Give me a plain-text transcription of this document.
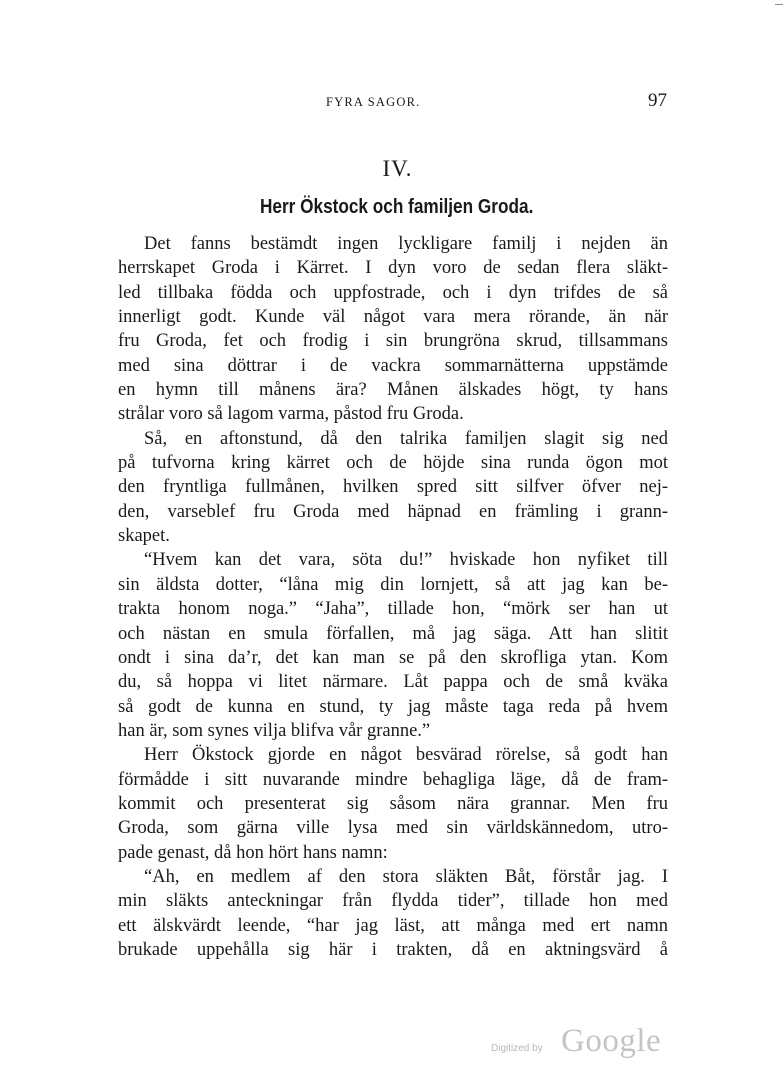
FYRA SAGOR.	97
IV.
Herr Ökstock och familjen Groda.
Det fanns bestämdt ingen lyckligare familj i nejden än
herrskapet Groda i Kärret. I dyn voro de sedan flera släkt-
led tillbaka födda och uppfostrade, och i dyn trifdes de så
innerligt godt. Kunde väl något vara mera rörande, än när
fru Groda, fet och frodig i sin brungröna skrud, tillsammans
med sina döttrar i de vackra sommarnätterna uppstämde
en hymn till månens ära? Månen älskades högt, ty hans
strålar voro så lagom varma, påstod fru Groda.
Så, en aftonstund, då den talrika familjen slagit sig ned
på tufvorna kring kärret och de höjde sina runda ögon mot
den fryntliga fullmånen, hvilken spred sitt silfver öfver nej-
den, varseblef fru Groda med häpnad en främling i grann-
skapet.
“Hvem kan det vara, söta du!” hviskade hon nyfiket till
sin äldsta dotter, “låna mig din lornjett, så att jag kan be-
trakta honom noga.” “Jaha”, tillade hon, “mörk ser han ut
och nästan en smula förfallen, må jag säga. Att han slitit
ondt i sina da’r, det kan man se på den skrofliga ytan. Kom
du, så hoppa vi litet närmare. Låt pappa och de små kväka
så godt de kunna en stund, ty jag måste taga reda på hvem
han är, som synes vilja blifva vår granne.”
Herr Ökstock gjorde en något besvärad rörelse, så godt han
förmådde i sitt nuvarande mindre behagliga läge, då de fram-
kommit och presenterat sig såsom nära grannar. Men fru
Groda, som gärna ville lysa med sin världskännedom, utro-
pade genast, då hon hört hans namn:
“Ah, en medlem af den stora släkten Båt, förstår jag. I
min släkts anteckningar från flydda tider”, tillade hon med
ett älskvärdt leende, “har jag läst, att många med ert namn
brukade uppehålla sig här i trakten, då en aktningsvärd å
Digitized by Google
